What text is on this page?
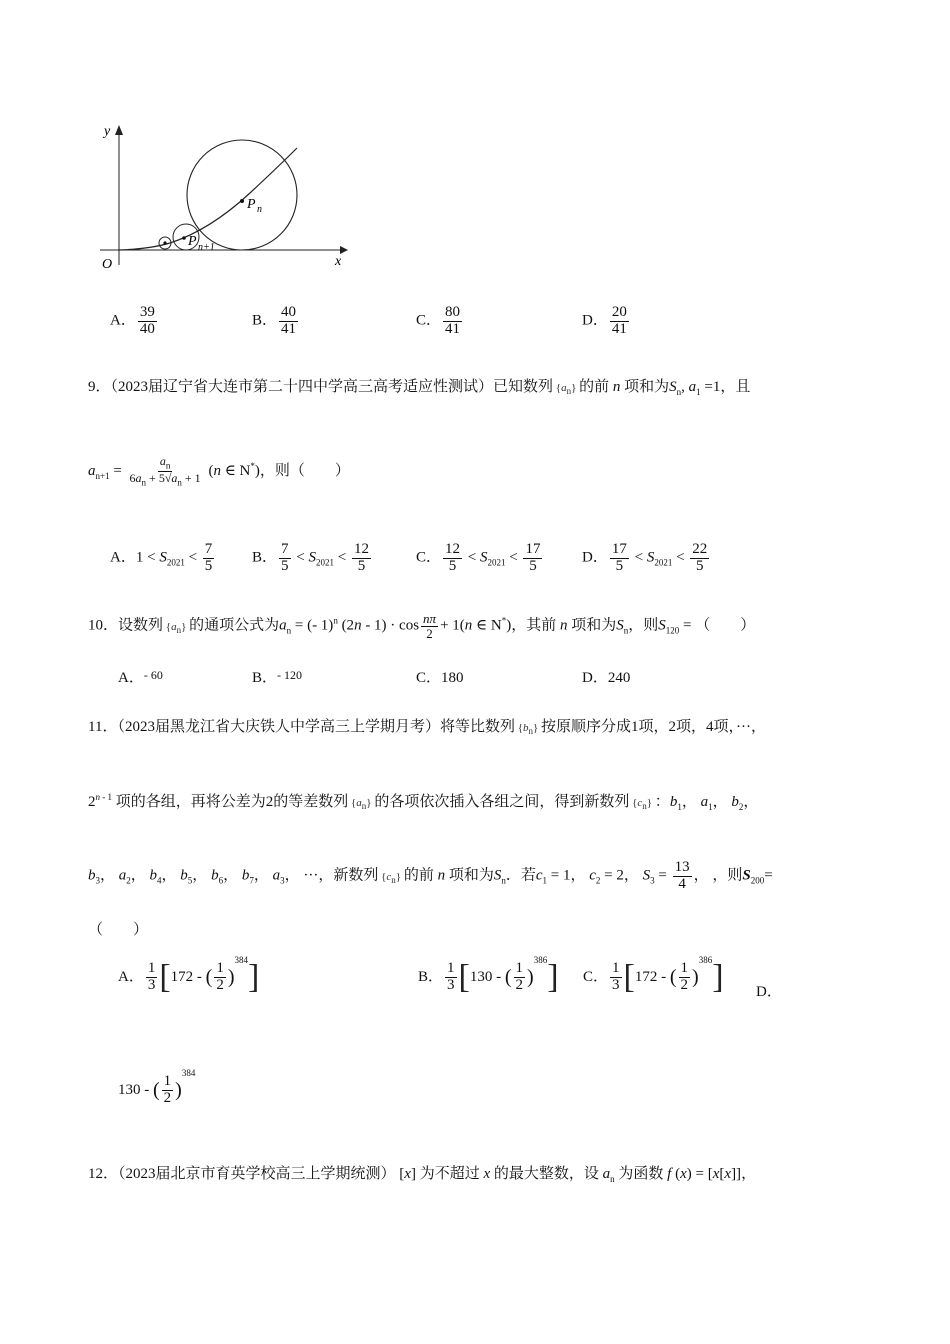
y
x
O
P n
P n+1
A． $\frac{39}{40}$	B． $\frac{40}{41}$	C． $\frac{80}{41}$	D． $\frac{20}{41}$
9．（2023届辽宁省大连市第二十四中学高三高考适应性测试）已知数列 $\{a_n\}$ 的前 n 项和为$S_n$, $a_1 =1$，且
$a_{n+1} = \frac{a_n}{6a_n + 5√a_n + 1} (n$ ∈ N*)，则（　　）
A．$1 < S_{2021} < \frac{7}{5}$	B． $\frac{7}{5} < S_{2021} < \frac{12}{5}$	C． $\frac{12}{5} < S_{2021} < \frac{17}{5}$	D． $\frac{17}{5} < S_{2021} < \frac{22}{5}$
10．设数列 $\{a_n\}$ 的通项公式为$a_n$ = (- 1)$^n$ $(2n - 1) \cdot \cos \frac{n\pi}{2} + 1(n$ ∈ N*)，其前 n 项和为$S_n$，则$S_{120}$ = （　　）
A．$^{- 60}$	B．$^{- 120}$	C．180	D．240
11．（2023届黑龙江省大庆铁人中学高三上学期月考）将等比数列 $\{b_n\}$ 按原顺序分成1项，2项，4项，···，
2$^{n - 1}$ 项的各组，再将公差为2的等差数列 $\{a_n\}$ 的各项依次插入各组之间，得到新数列 $\{c_n\}$ ：$b_1$， $a_1$， $b_2$，
$b_3$， $a_2$， $b_4$， $b_5$， $b_6$， $b_7$， $a_3$， ···，新数列 $\{c_n\}$ 的前 n 项和为$S_n$．若$c_1 = 1$， $c_2 = 2$， $S_3 = \frac{13}{4}$ ， ，则$S_{200}=$
（　　）
A． $\frac{1}{3} [172$ - ( $\frac{1}{2} )^{384}$]	B． $\frac{1}{3} [130$ - ( $\frac{1}{2} )^{386}$] C． $\frac{1}{3} [172$ - ( $\frac{1}{2} )^{386}$] D．
130 - ( $\frac{1}{2} )^{384}$
12．（2023届北京市育英学校高三上学期统测） [x] 为不超过 x 的最大整数，设 $a_n$ 为函数 f (x) = [x[x]]，
